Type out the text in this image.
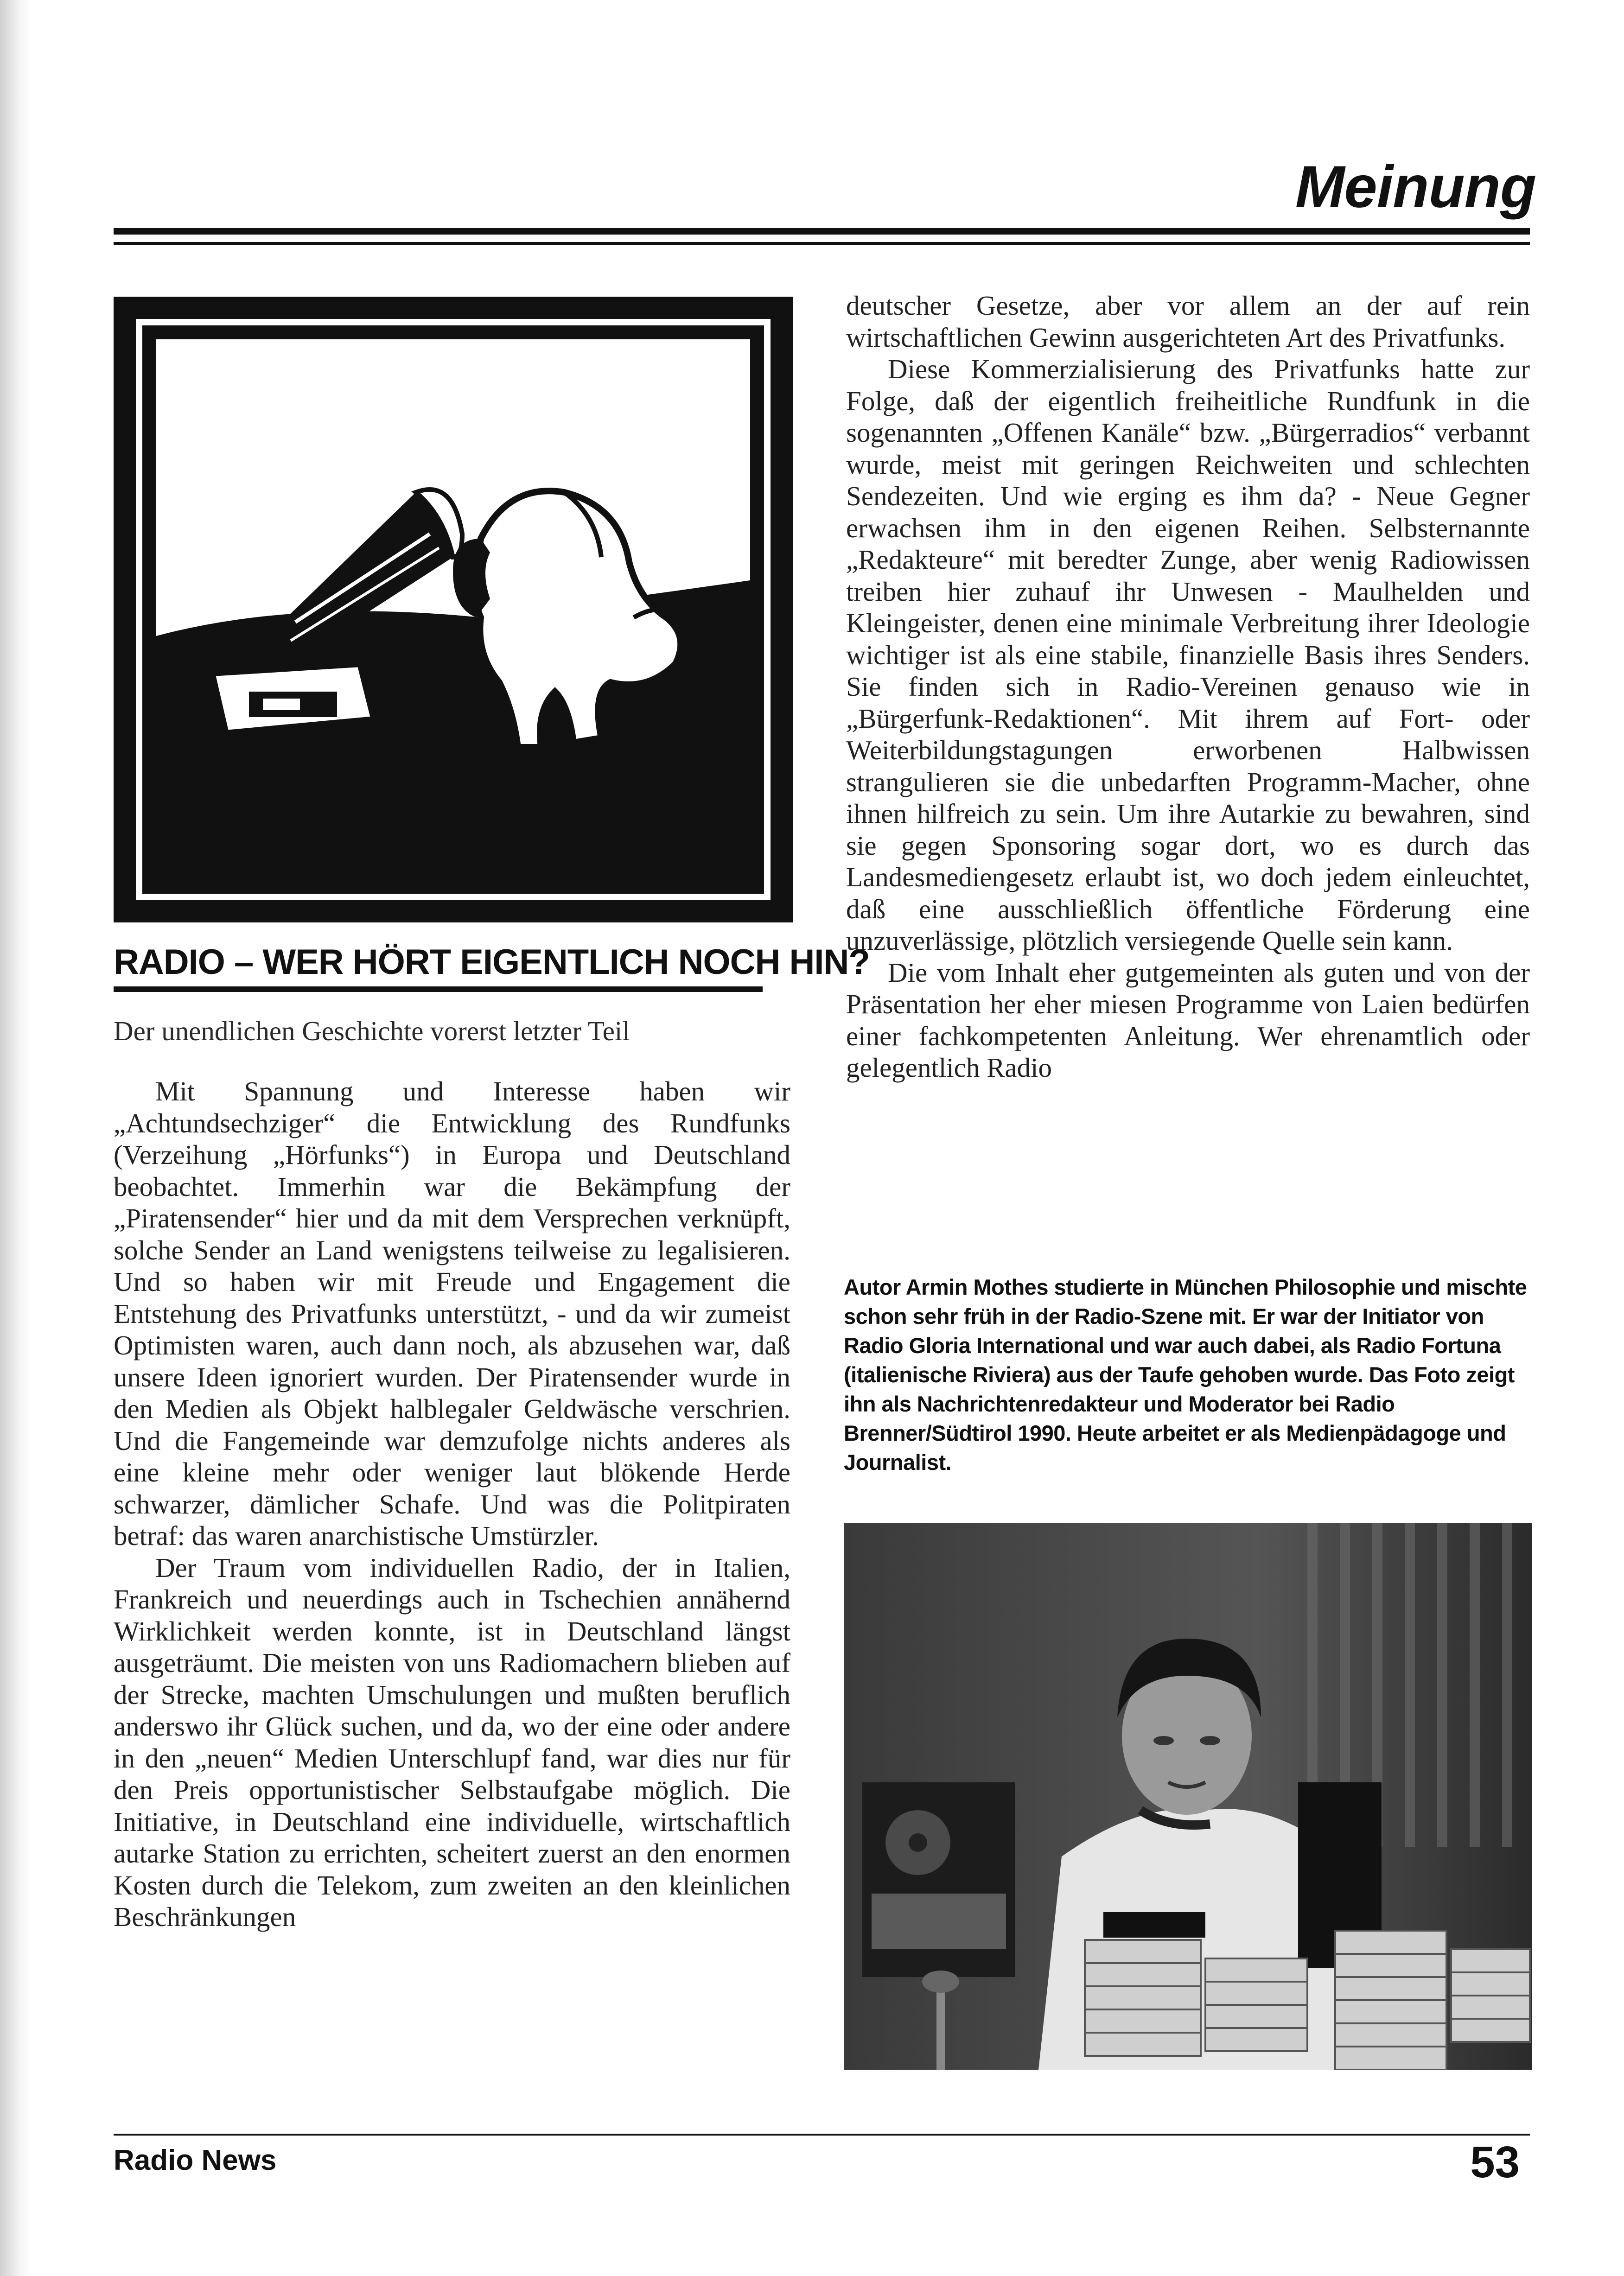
Meinung
RADIO – WER HÖRT EIGENTLICH NOCH HIN?
Der unendlichen Geschichte vorerst letzter Teil

Mit Spannung und Interesse haben wir „Achtundsechziger“ die Entwicklung des Rundfunks (Verzeihung „Hörfunks“) in Europa und Deutschland beobachtet. Immerhin war die Bekämpfung der „Piratensender“ hier und da mit dem Versprechen verknüpft, solche Sender an Land wenigstens teilweise zu legalisieren. Und so haben wir mit Freude und Engagement die Entstehung des Privatfunks unterstützt, - und da wir zumeist Optimisten waren, auch dann noch, als abzusehen war, daß unsere Ideen ignoriert wurden. Der Piratensender wurde in den Medien als Objekt halblegaler Geldwäsche verschrien. Und die Fangemeinde war demzufolge nichts anderes als eine kleine mehr oder weniger laut blökende Herde schwarzer, dämlicher Schafe. Und was die Politpiraten betraf: das waren anarchistische Umstürzler.

Der Traum vom individuellen Radio, der in Italien, Frankreich und neuerdings auch in Tschechien annähernd Wirklichkeit werden konnte, ist in Deutschland längst ausgeträumt. Die meisten von uns Radiomachern blieben auf der Strecke, machten Umschulungen und mußten beruflich anderswo ihr Glück suchen, und da, wo der eine oder andere in den „neuen“ Medien Unterschlupf fand, war dies nur für den Preis opportunistischer Selbstaufgabe möglich. Die Initiative, in Deutschland eine individuelle, wirtschaftlich autarke Station zu errichten, scheitert zuerst an den enormen Kosten durch die Telekom, zum zweiten an den kleinlichen Beschränkungen

deutscher Gesetze, aber vor allem an der auf rein wirtschaftlichen Gewinn ausgerichteten Art des Privatfunks.

Diese Kommerzialisierung des Privatfunks hatte zur Folge, daß der eigentlich freiheitliche Rundfunk in die sogenannten „Offenen Kanäle“ bzw. „Bürgerradios“ verbannt wurde, meist mit geringen Reichweiten und schlechten Sendezeiten. Und wie erging es ihm da? - Neue Gegner erwachsen ihm in den eigenen Reihen. Selbsternannte „Redakteure“ mit beredter Zunge, aber wenig Radiowissen treiben hier zuhauf ihr Unwesen - Maulhelden und Kleingeister, denen eine minimale Verbreitung ihrer Ideologie wichtiger ist als eine stabile, finanzielle Basis ihres Senders. Sie finden sich in Radio-Vereinen genauso wie in „Bürgerfunk-Redaktionen“. Mit ihrem auf Fort- oder Weiterbildungstagungen erworbenen Halbwissen strangulieren sie die unbedarften Programm-Macher, ohne ihnen hilfreich zu sein. Um ihre Autarkie zu bewahren, sind sie gegen Sponsoring sogar dort, wo es durch das Landesmediengesetz erlaubt ist, wo doch jedem einleuchtet, daß eine ausschließlich öffentliche Förderung eine unzuverlässige, plötzlich versiegende Quelle sein kann.

Die vom Inhalt eher gutgemeinten als guten und von der Präsentation her eher miesen Programme von Laien bedürfen einer fachkompetenten Anleitung. Wer ehrenamtlich oder gelegentlich Radio

Autor Armin Mothes studierte in München Philosophie und mischte schon sehr früh in der Radio-Szene mit. Er war der Initiator von Radio Gloria International und war auch dabei, als Radio Fortuna (italienische Riviera) aus der Taufe gehoben wurde. Das Foto zeigt ihn als Nachrichtenredakteur und Moderator bei Radio Brenner/Südtirol 1990. Heute arbeitet er als Medienpädagoge und Journalist.
Radio News	53
